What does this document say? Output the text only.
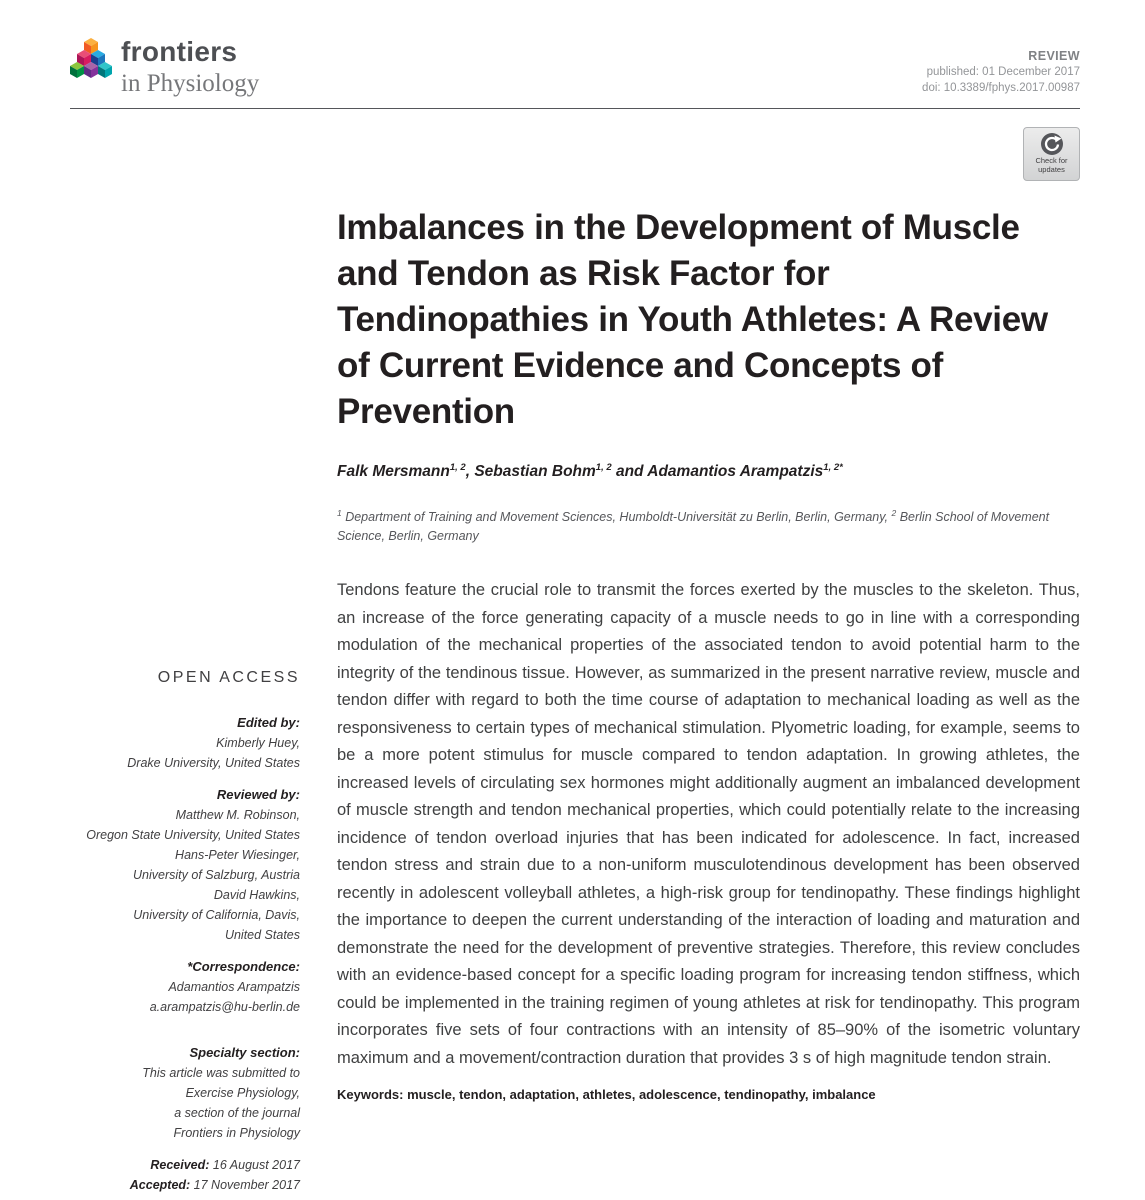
frontiers
in Physiology
REVIEW
published: 01 December 2017
doi: 10.3389/fphys.2017.00987
OPEN ACCESS
Edited by:
Kimberly Huey,
Drake University, United States
Reviewed by:
Matthew M. Robinson,
Oregon State University, United States
Hans-Peter Wiesinger,
University of Salzburg, Austria
David Hawkins,
University of California, Davis,
United States
*Correspondence:
Adamantios Arampatzis
a.arampatzis@hu-berlin.de
Specialty section:
This article was submitted to
Exercise Physiology,
a section of the journal
Frontiers in Physiology
Received: 16 August 2017
Accepted: 17 November 2017
Check for
updates
Imbalances in the Development of Muscle and Tendon as Risk Factor for Tendinopathies in Youth Athletes: A Review of Current Evidence and Concepts of Prevention
Falk Mersmann$^{1, 2}$, Sebastian Bohm$^{1, 2}$ and Adamantios Arampatzis$^{1, 2*}$
$^1$ Department of Training and Movement Sciences, Humboldt-Universität zu Berlin, Berlin, Germany, $^2$ Berlin School of Movement Science, Berlin, Germany

Tendons feature the crucial role to transmit the forces exerted by the muscles to the skeleton. Thus, an increase of the force generating capacity of a muscle needs to go in line with a corresponding modulation of the mechanical properties of the associated tendon to avoid potential harm to the integrity of the tendinous tissue. However, as summarized in the present narrative review, muscle and tendon differ with regard to both the time course of adaptation to mechanical loading as well as the responsiveness to certain types of mechanical stimulation. Plyometric loading, for example, seems to be a more potent stimulus for muscle compared to tendon adaptation. In growing athletes, the increased levels of circulating sex hormones might additionally augment an imbalanced development of muscle strength and tendon mechanical properties, which could potentially relate to the increasing incidence of tendon overload injuries that has been indicated for adolescence. In fact, increased tendon stress and strain due to a non-uniform musculotendinous development has been observed recently in adolescent volleyball athletes, a high-risk group for tendinopathy. These findings highlight the importance to deepen the current understanding of the interaction of loading and maturation and demonstrate the need for the development of preventive strategies. Therefore, this review concludes with an evidence-based concept for a specific loading program for increasing tendon stiffness, which could be implemented in the training regimen of young athletes at risk for tendinopathy. This program incorporates five sets of four contractions with an intensity of 85–90% of the isometric voluntary maximum and a movement/contraction duration that provides 3 s of high magnitude tendon strain.

Keywords: muscle, tendon, adaptation, athletes, adolescence, tendinopathy, imbalance
